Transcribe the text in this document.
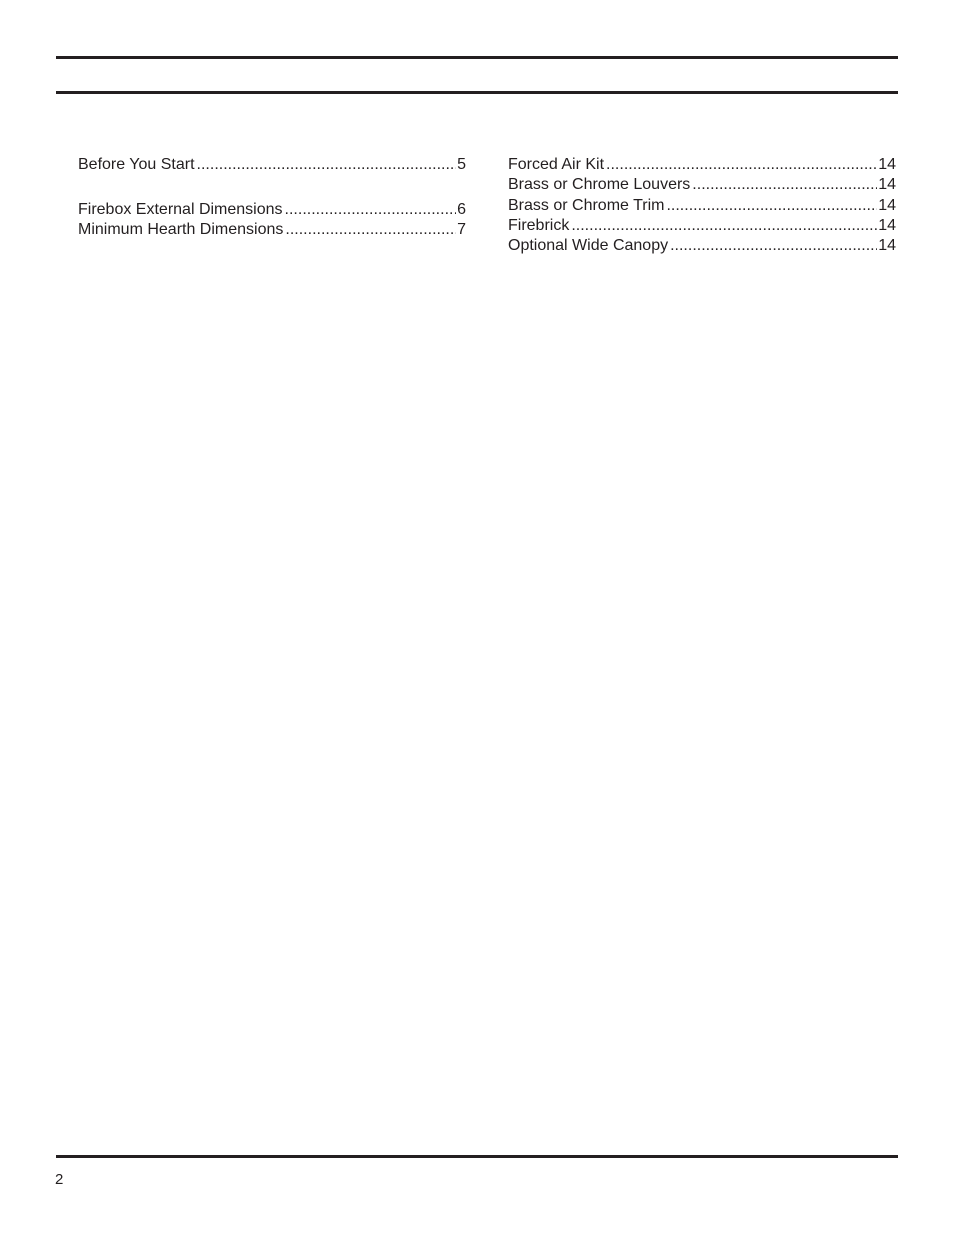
Before You Start .....	5
Firebox External Dimensions .....	6
Minimum Hearth Dimensions .....	7
Forced Air Kit .....	14
Brass or Chrome Louvers .....	14
Brass or Chrome Trim .....	14
Firebrick .....	14
Optional Wide Canopy .....	14
2
